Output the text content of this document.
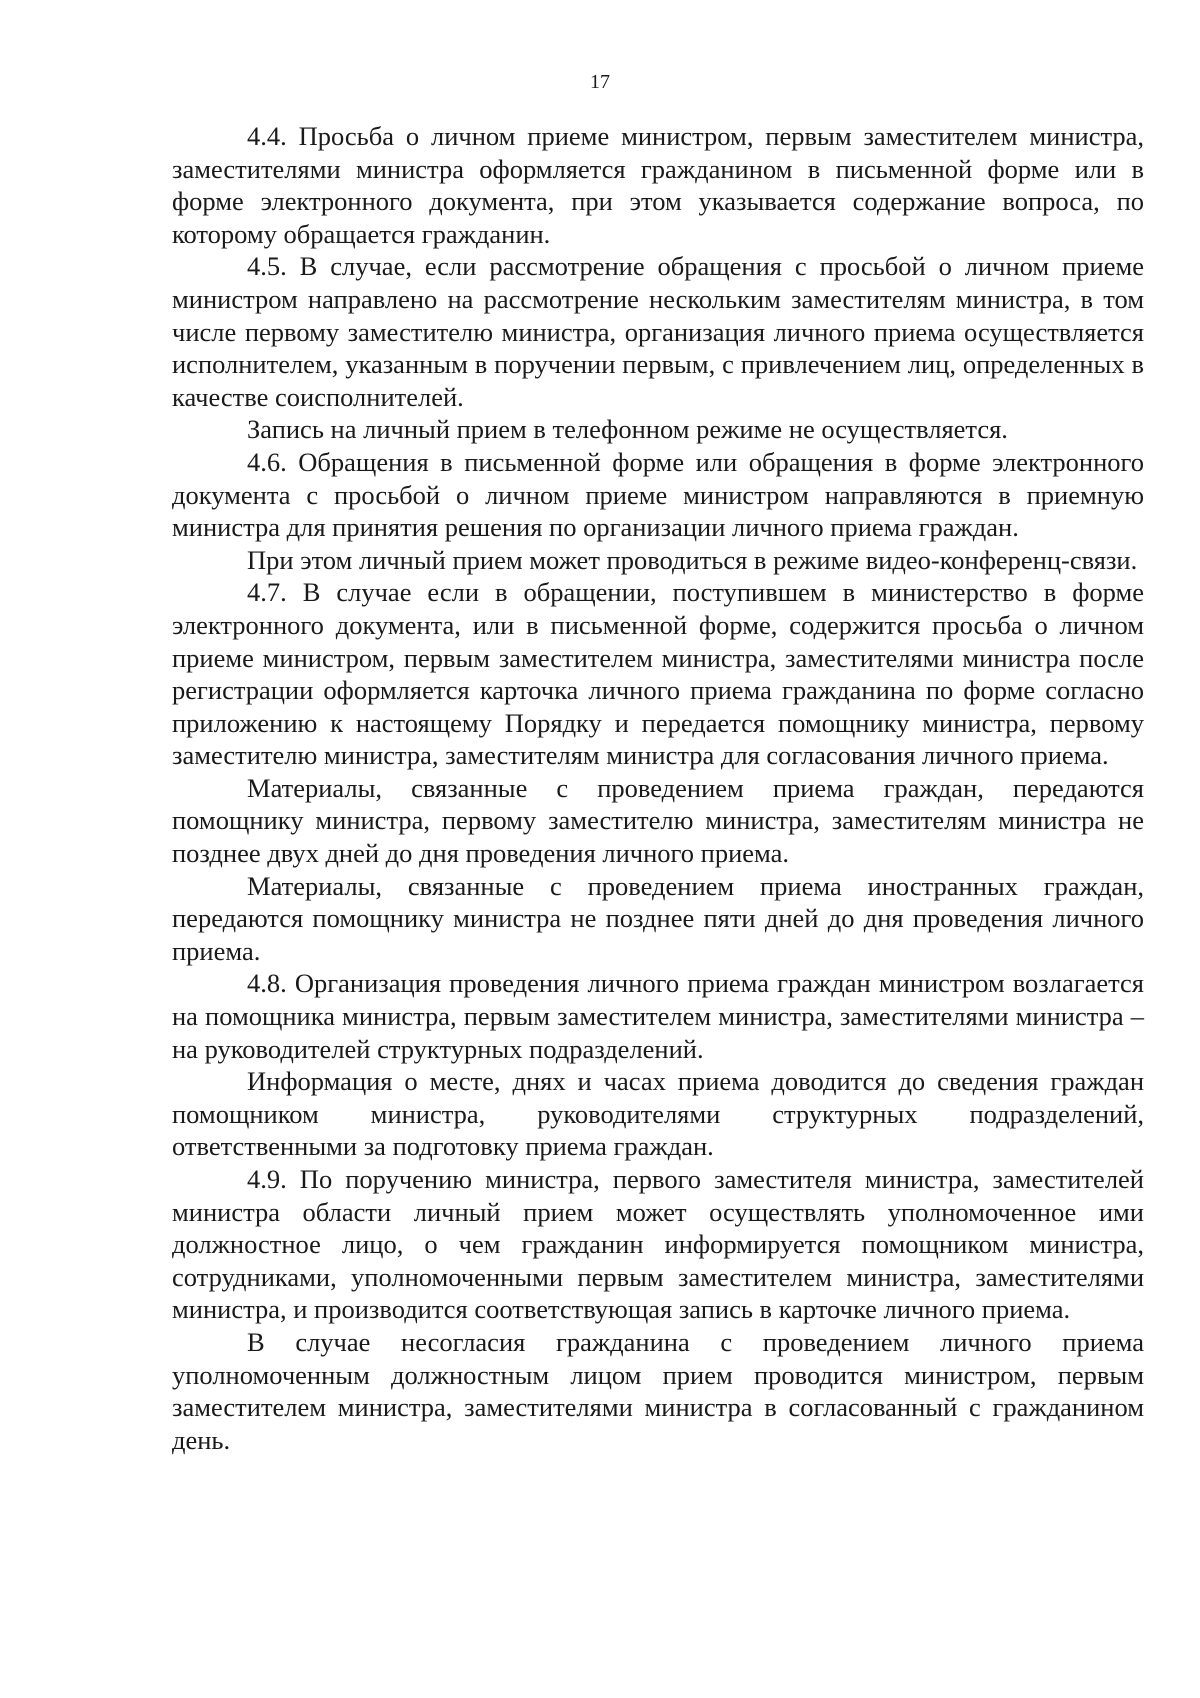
17

4.4. Просьба о личном приеме министром, первым заместителем министра, заместителями министра оформляется гражданином в письменной форме или в форме электронного документа, при этом указывается содержание вопроса, по которому обращается гражданин.

4.5. В случае, если рассмотрение обращения с просьбой о личном приеме министром направлено на рассмотрение нескольким заместителям министра, в том числе первому заместителю министра, организация личного приема осуществляется исполнителем, указанным в поручении первым, с привлечением лиц, определенных в качестве соисполнителей.

Запись на личный прием в телефонном режиме не осуществляется.

4.6. Обращения в письменной форме или обращения в форме электронного документа с просьбой о личном приеме министром направляются в приемную министра для принятия решения по организации личного приема граждан.

При этом личный прием может проводиться в режиме видео-конференц-связи.

4.7. В случае если в обращении, поступившем в министерство в форме электронного документа, или в письменной форме, содержится просьба о личном приеме министром, первым заместителем министра, заместителями министра после регистрации оформляется карточка личного приема гражданина по форме согласно приложению к настоящему Порядку и передается помощнику министра, первому заместителю министра, заместителям министра для согласования личного приема.

Материалы, связанные с проведением приема граждан, передаются помощнику министра, первому заместителю министра, заместителям министра не позднее двух дней до дня проведения личного приема.

Материалы, связанные с проведением приема иностранных граждан, передаются помощнику министра не позднее пяти дней до дня проведения личного приема.

4.8. Организация проведения личного приема граждан министром возлагается на помощника министра, первым заместителем министра, заместителями министра – на руководителей структурных подразделений.

Информация о месте, днях и часах приема доводится до сведения граждан помощником министра, руководителями структурных подразделений, ответственными за подготовку приема граждан.

4.9. По поручению министра, первого заместителя министра, заместителей министра области личный прием может осуществлять уполномоченное ими должностное лицо, о чем гражданин информируется помощником министра, сотрудниками, уполномоченными первым заместителем министра, заместителями министра, и производится соответствующая запись в карточке личного приема.

В случае несогласия гражданина с проведением личного приема уполномоченным должностным лицом прием проводится министром, первым заместителем министра, заместителями министра в согласованный с гражданином день.
